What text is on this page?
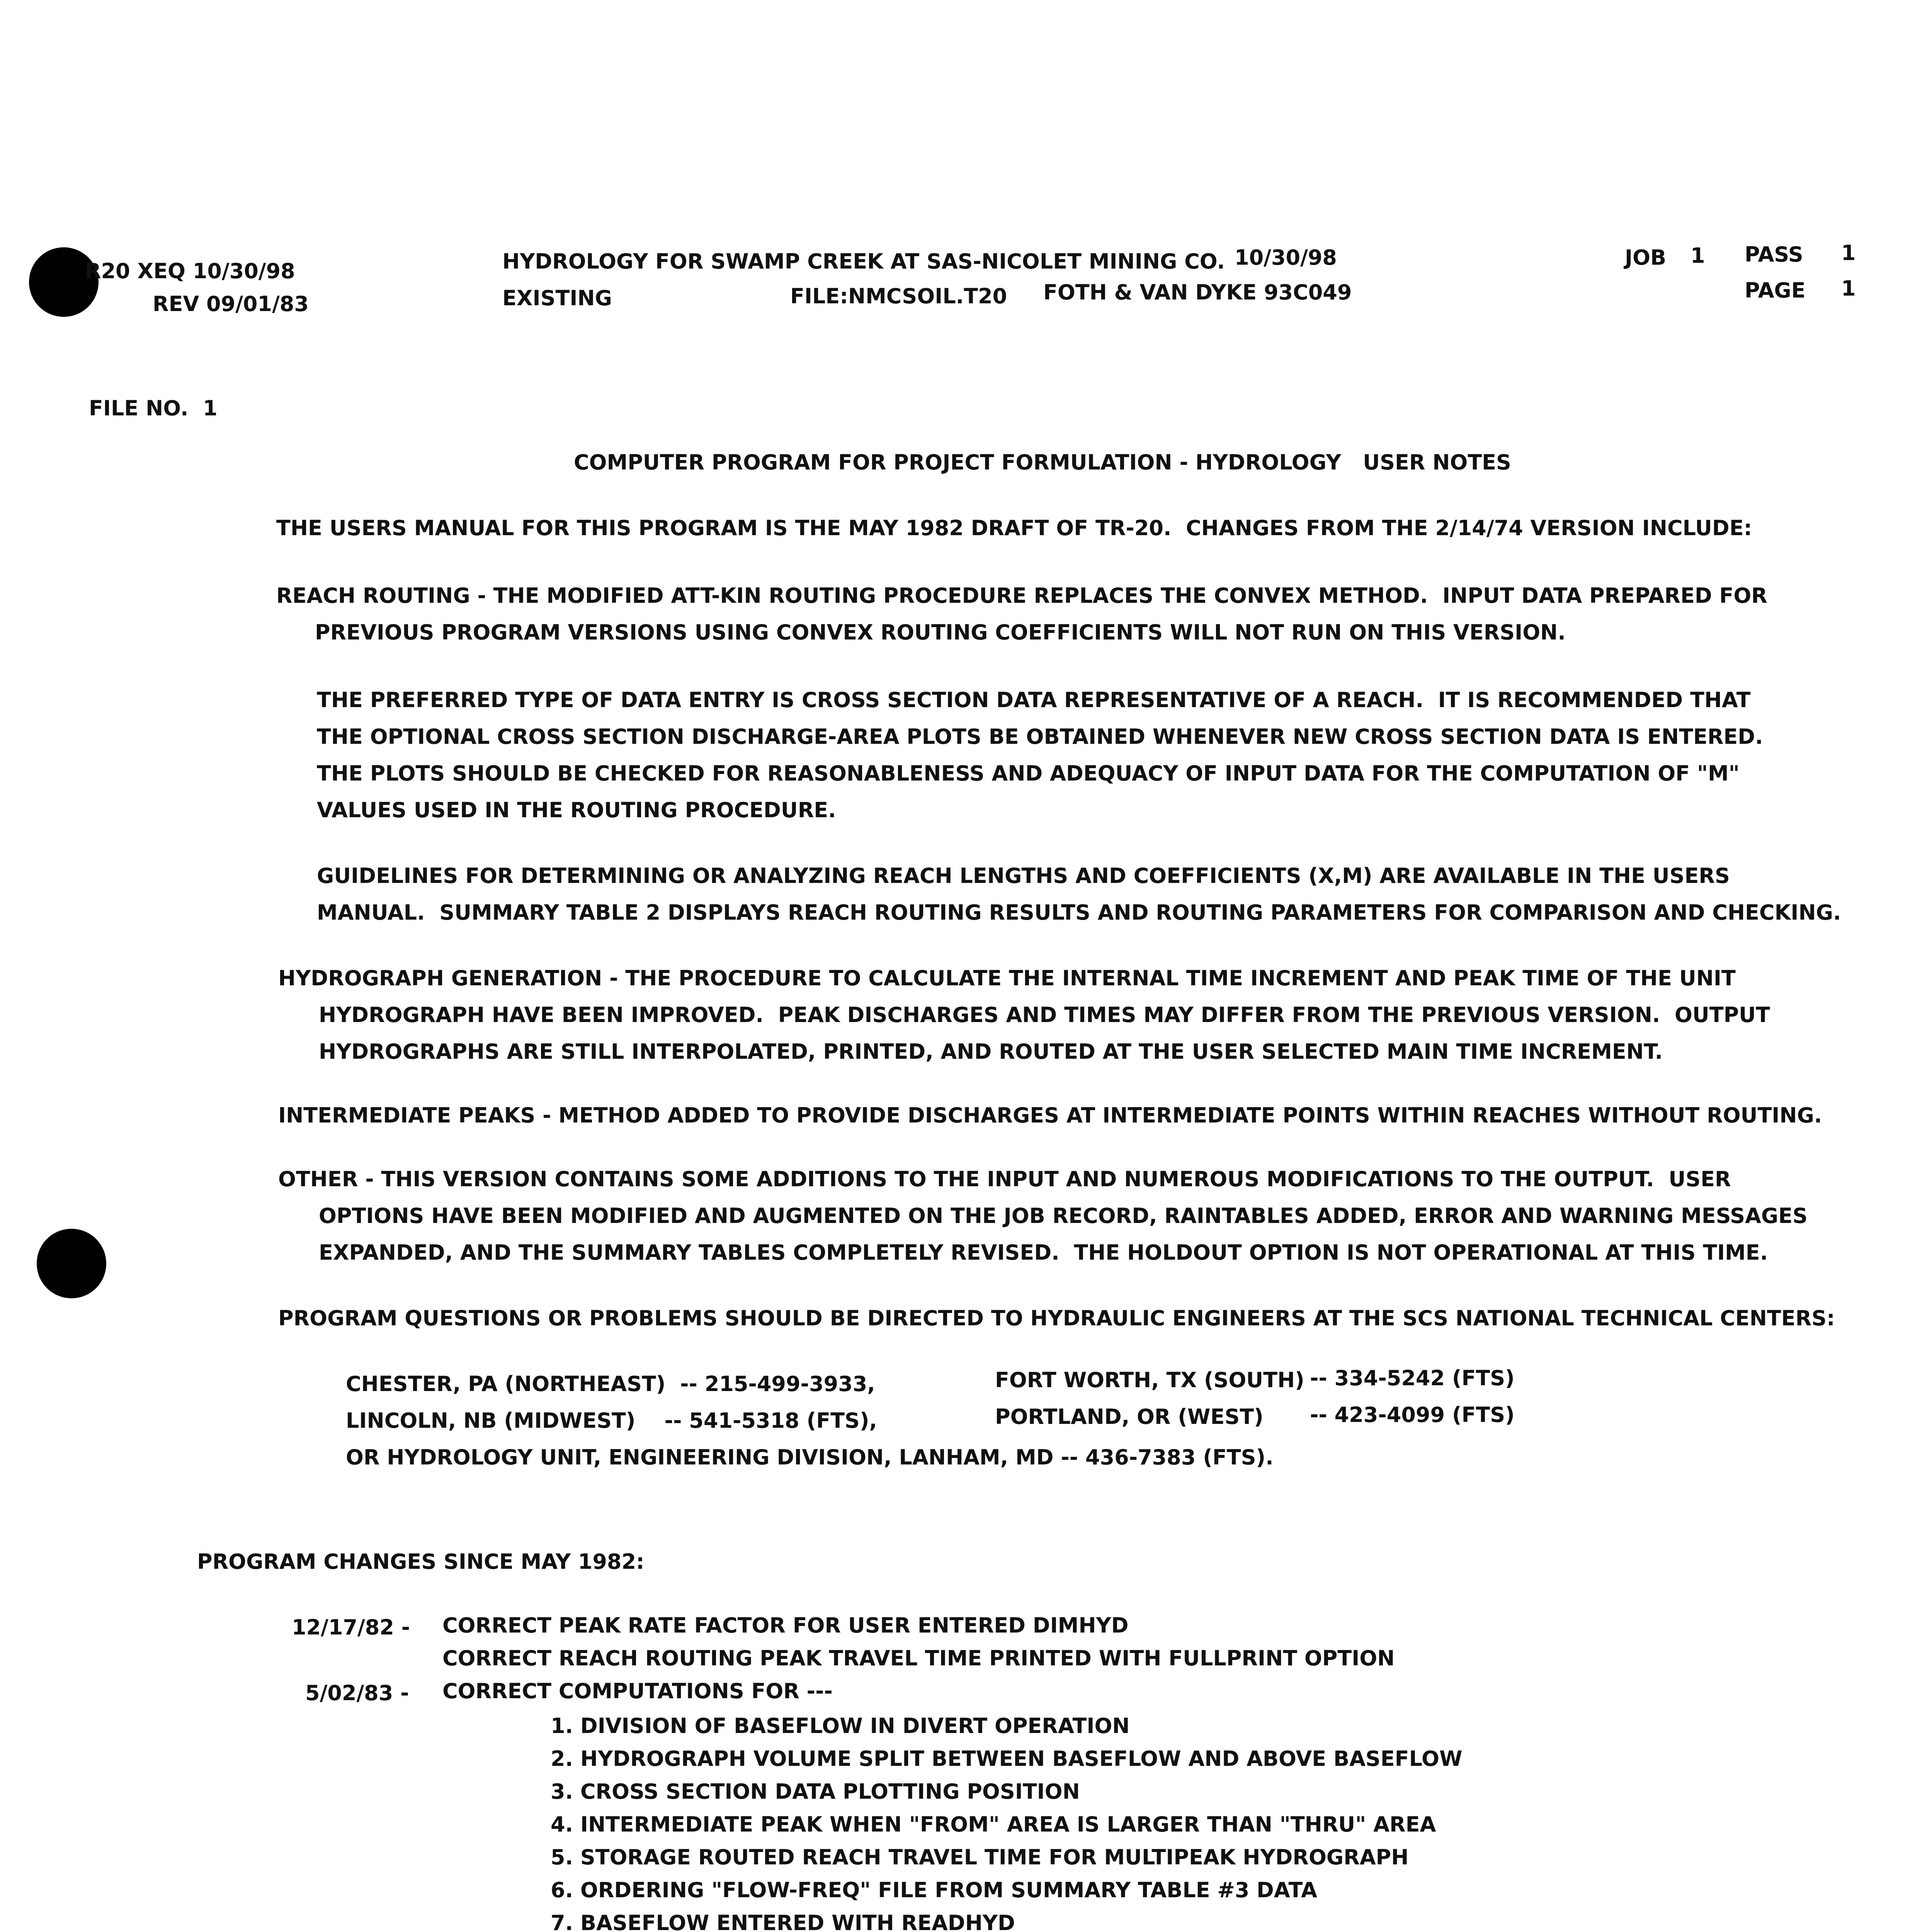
R20 XEQ 10/30/98
REV 09/01/83
HYDROLOGY FOR SWAMP CREEK AT SAS-NICOLET MINING CO. 10/30/98
EXISTING	FILE:NMCSOIL.T20 FOTH & VAN DYKE 93C049
JOB 1 PASS 1
PAGE 1
FILE NO.  1
COMPUTER PROGRAM FOR PROJECT FORMULATION - HYDROLOGY   USER NOTES
THE USERS MANUAL FOR THIS PROGRAM IS THE MAY 1982 DRAFT OF TR-20.  CHANGES FROM THE 2/14/74 VERSION INCLUDE:
REACH ROUTING - THE MODIFIED ATT-KIN ROUTING PROCEDURE REPLACES THE CONVEX METHOD.  INPUT DATA PREPARED FOR
PREVIOUS PROGRAM VERSIONS USING CONVEX ROUTING COEFFICIENTS WILL NOT RUN ON THIS VERSION.
THE PREFERRED TYPE OF DATA ENTRY IS CROSS SECTION DATA REPRESENTATIVE OF A REACH.  IT IS RECOMMENDED THAT
THE OPTIONAL CROSS SECTION DISCHARGE-AREA PLOTS BE OBTAINED WHENEVER NEW CROSS SECTION DATA IS ENTERED.
THE PLOTS SHOULD BE CHECKED FOR REASONABLENESS AND ADEQUACY OF INPUT DATA FOR THE COMPUTATION OF "M"
VALUES USED IN THE ROUTING PROCEDURE.
GUIDELINES FOR DETERMINING OR ANALYZING REACH LENGTHS AND COEFFICIENTS (X,M) ARE AVAILABLE IN THE USERS
MANUAL.  SUMMARY TABLE 2 DISPLAYS REACH ROUTING RESULTS AND ROUTING PARAMETERS FOR COMPARISON AND CHECKING.
HYDROGRAPH GENERATION - THE PROCEDURE TO CALCULATE THE INTERNAL TIME INCREMENT AND PEAK TIME OF THE UNIT
HYDROGRAPH HAVE BEEN IMPROVED.  PEAK DISCHARGES AND TIMES MAY DIFFER FROM THE PREVIOUS VERSION.  OUTPUT
HYDROGRAPHS ARE STILL INTERPOLATED, PRINTED, AND ROUTED AT THE USER SELECTED MAIN TIME INCREMENT.
INTERMEDIATE PEAKS - METHOD ADDED TO PROVIDE DISCHARGES AT INTERMEDIATE POINTS WITHIN REACHES WITHOUT ROUTING.
OTHER - THIS VERSION CONTAINS SOME ADDITIONS TO THE INPUT AND NUMEROUS MODIFICATIONS TO THE OUTPUT.  USER
OPTIONS HAVE BEEN MODIFIED AND AUGMENTED ON THE JOB RECORD, RAINTABLES ADDED, ERROR AND WARNING MESSAGES
EXPANDED, AND THE SUMMARY TABLES COMPLETELY REVISED.  THE HOLDOUT OPTION IS NOT OPERATIONAL AT THIS TIME.
PROGRAM QUESTIONS OR PROBLEMS SHOULD BE DIRECTED TO HYDRAULIC ENGINEERS AT THE SCS NATIONAL TECHNICAL CENTERS:
CHESTER, PA (NORTHEAST)  -- 215-499-3933,	FORT WORTH, TX (SOUTH) -- 334-5242 (FTS)
LINCOLN, NB (MIDWEST)    -- 541-5318 (FTS),	PORTLAND, OR (WEST) -- 423-4099 (FTS)
OR HYDROLOGY UNIT, ENGINEERING DIVISION, LANHAM, MD -- 436-7383 (FTS).
PROGRAM CHANGES SINCE MAY 1982:
12/17/82 - CORRECT PEAK RATE FACTOR FOR USER ENTERED DIMHYD
CORRECT REACH ROUTING PEAK TRAVEL TIME PRINTED WITH FULLPRINT OPTION
5/02/83 - CORRECT COMPUTATIONS FOR ---
1. DIVISION OF BASEFLOW IN DIVERT OPERATION
2. HYDROGRAPH VOLUME SPLIT BETWEEN BASEFLOW AND ABOVE BASEFLOW
3. CROSS SECTION DATA PLOTTING POSITION
4. INTERMEDIATE PEAK WHEN "FROM" AREA IS LARGER THAN "THRU" AREA
5. STORAGE ROUTED REACH TRAVEL TIME FOR MULTIPEAK HYDROGRAPH
6. ORDERING "FLOW-FREQ" FILE FROM SUMMARY TABLE #3 DATA
7. BASEFLOW ENTERED WITH READHYD
